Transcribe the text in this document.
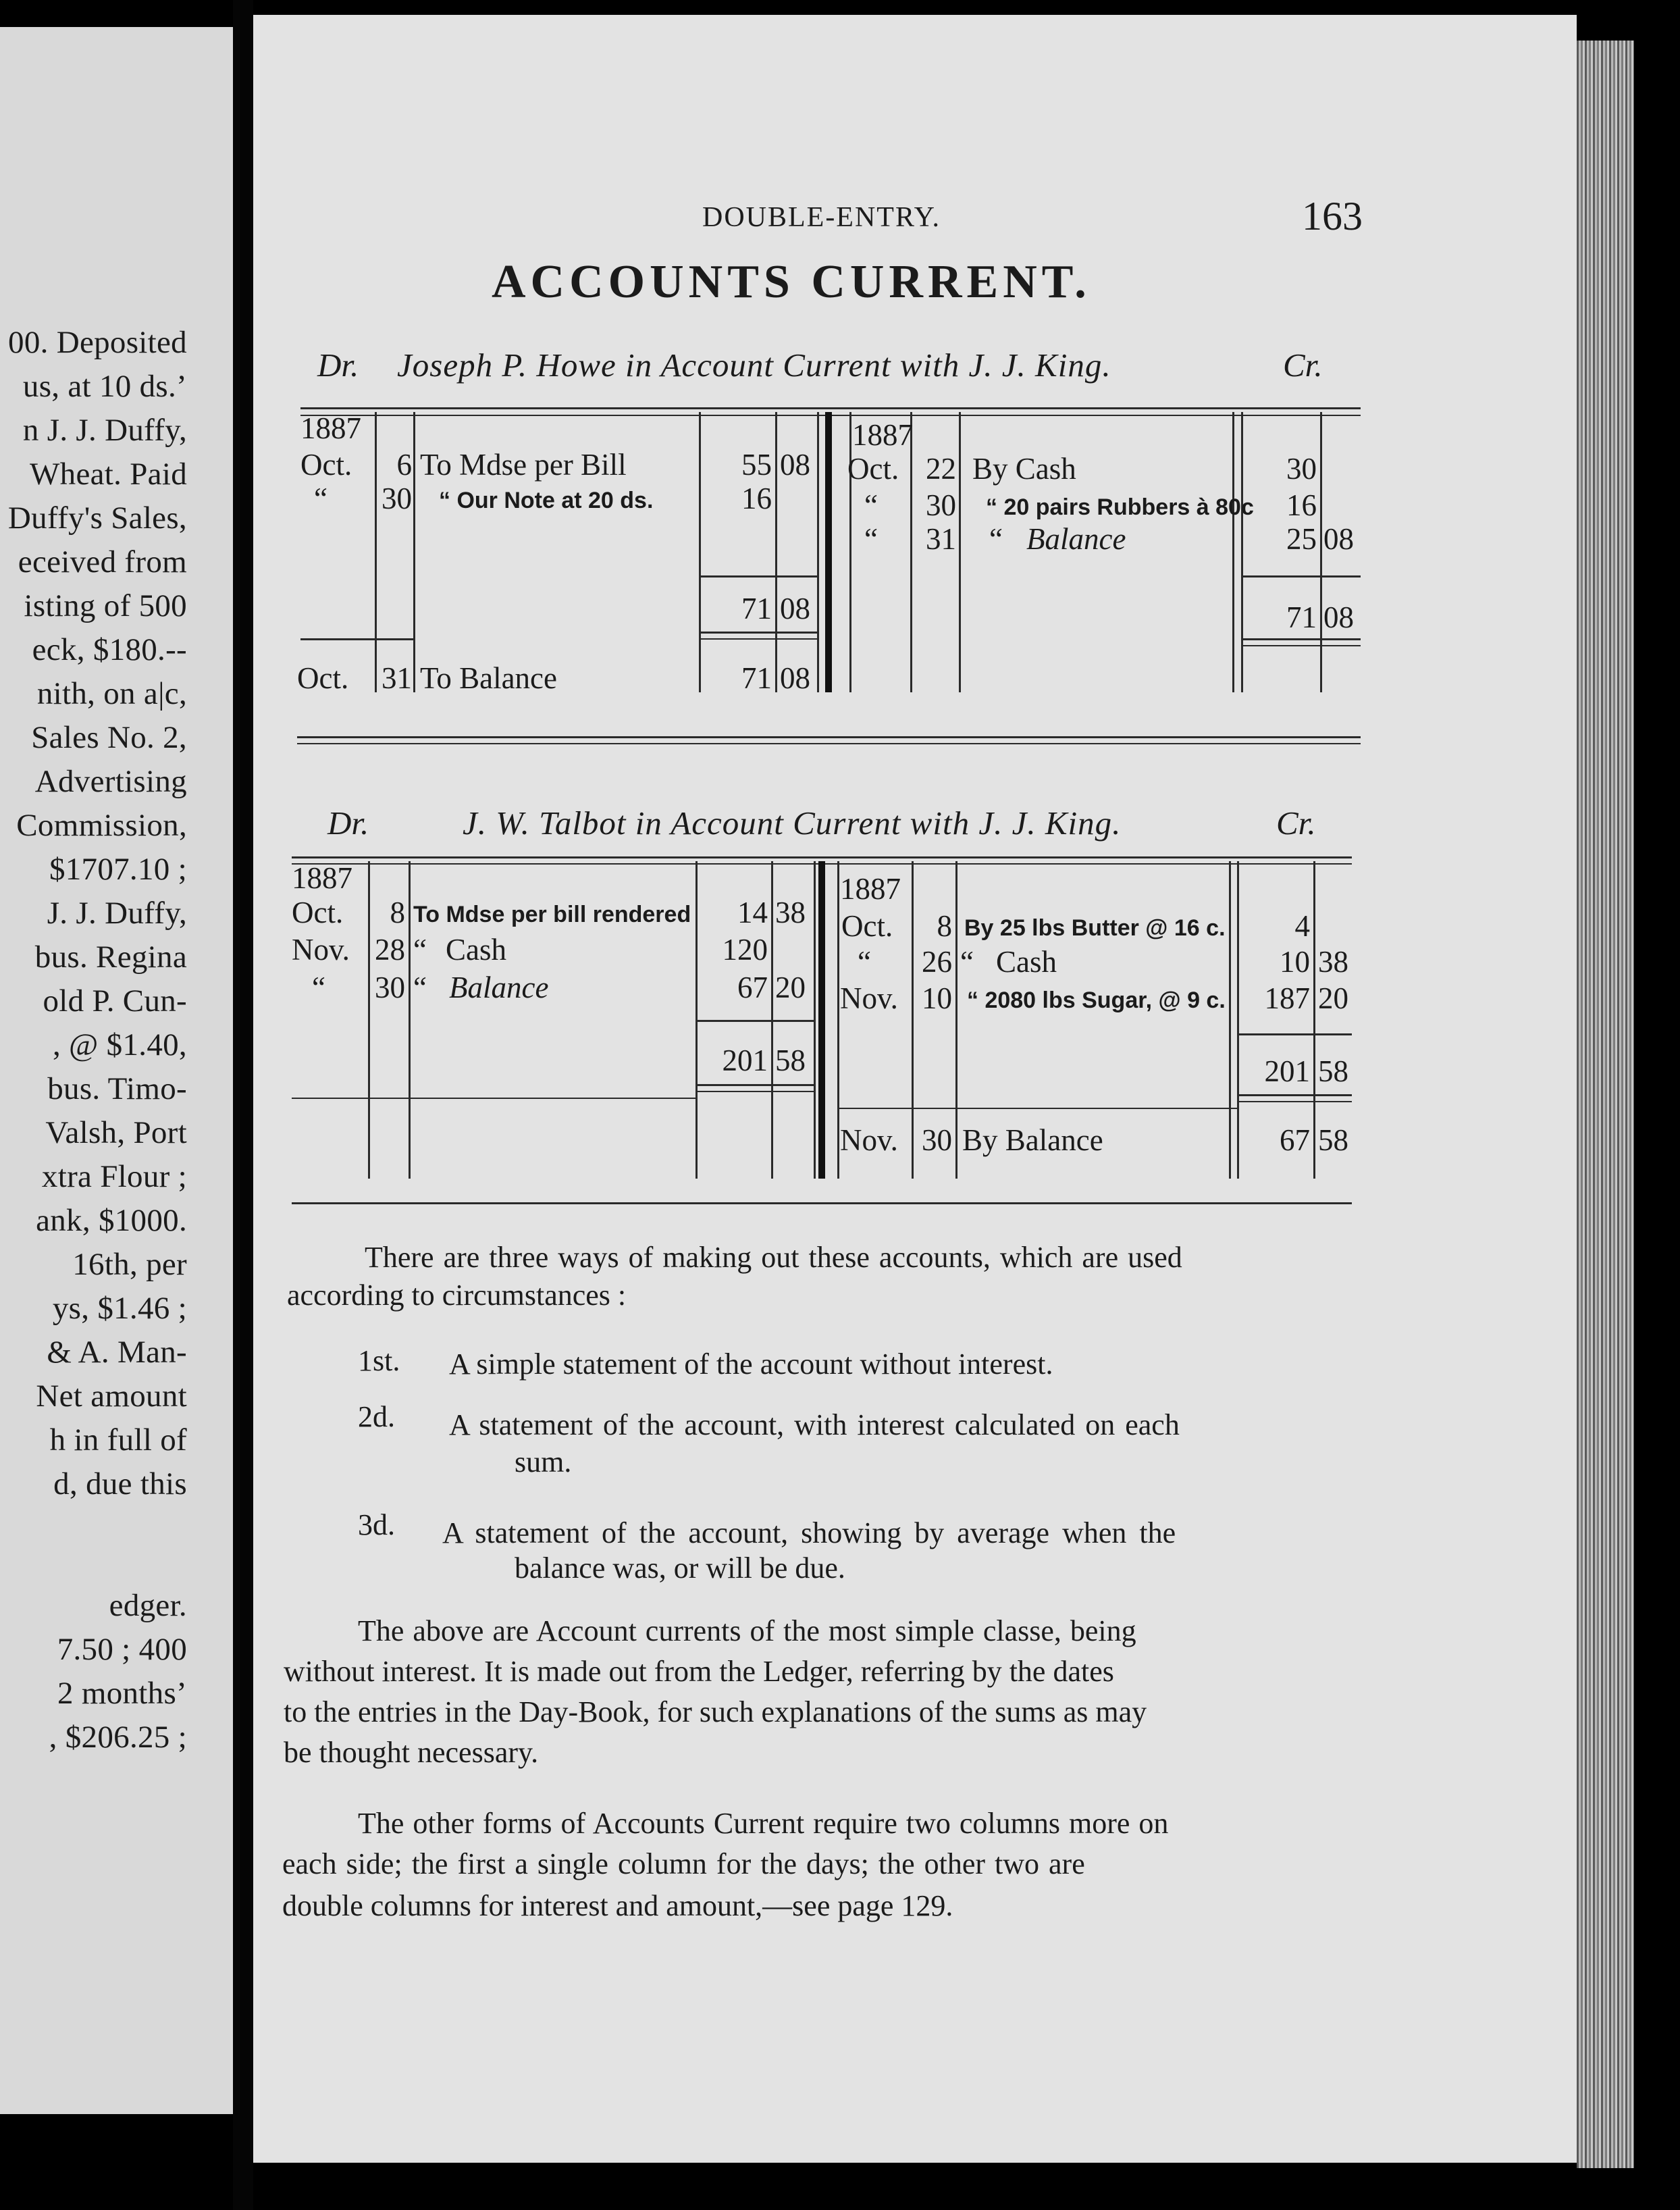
00. Deposited
us, at 10 ds.’
n J. J. Duffy,
Wheat. Paid
Duffy's Sales,
eceived from
isting of 500
eck, $180.--
nith, on a|c,
Sales No. 2,
Advertising
Commission,
$1707.10 ;
J. J. Duffy,
bus. Regina
old P. Cun-
, @ $1.40,
bus. Timo-
Valsh, Port
xtra Flour ;
ank, $1000.
16th, per
ys, $1.46 ;
& A. Man-
Net amount
h in full of
d, due this
edger.
7.50 ; 400
2 months’
, $206.25 ;
DOUBLE-ENTRY.	163
ACCOUNTS CURRENT.
Dr. Joseph P. Howe in Account Current with J. J. King.	Cr.
1887
Oct.	6 To Mdse per Bill	55 08
“ 30 “ Our Note at 20 ds.	16
71 08
Oct. 31 To Balance	71 08
1887
Oct. 22 By Cash	30
“	30 “ 20 pairs Rubbers à 80c	16
“	31 “ Balance	25 08
71 08
Dr.	J. W. Talbot in Account Current with J. J. King.	Cr.
1887
Oct.	8 To Mdse per bill rendered	14 38
Nov. 28 “ Cash	120
“ 30 “ Balance	67 20
201 58
1887
Oct.	8 By 25 lbs Butter @ 16 c.	4
“	26 “ Cash	10 38
Nov. 10 “ 2080 lbs Sugar, @ 9 c.	187 20
201 58
Nov. 30 By Balance	67 58
There are three ways of making out these accounts, which are used
according to circumstances :
1st. A simple statement of the account without interest.
2d. A statement of the account, with interest calculated on each
sum.
3d. A statement of the account, showing by average when the
balance was, or will be due.
The above are Account currents of the most simple classe, being
without interest. It is made out from the Ledger, referring by the dates
to the entries in the Day-Book, for such explanations of the sums as may
be thought necessary.
The other forms of Accounts Current require two columns more on
each side; the first a single column for the days; the other two are
double columns for interest and amount,—see page 129.
